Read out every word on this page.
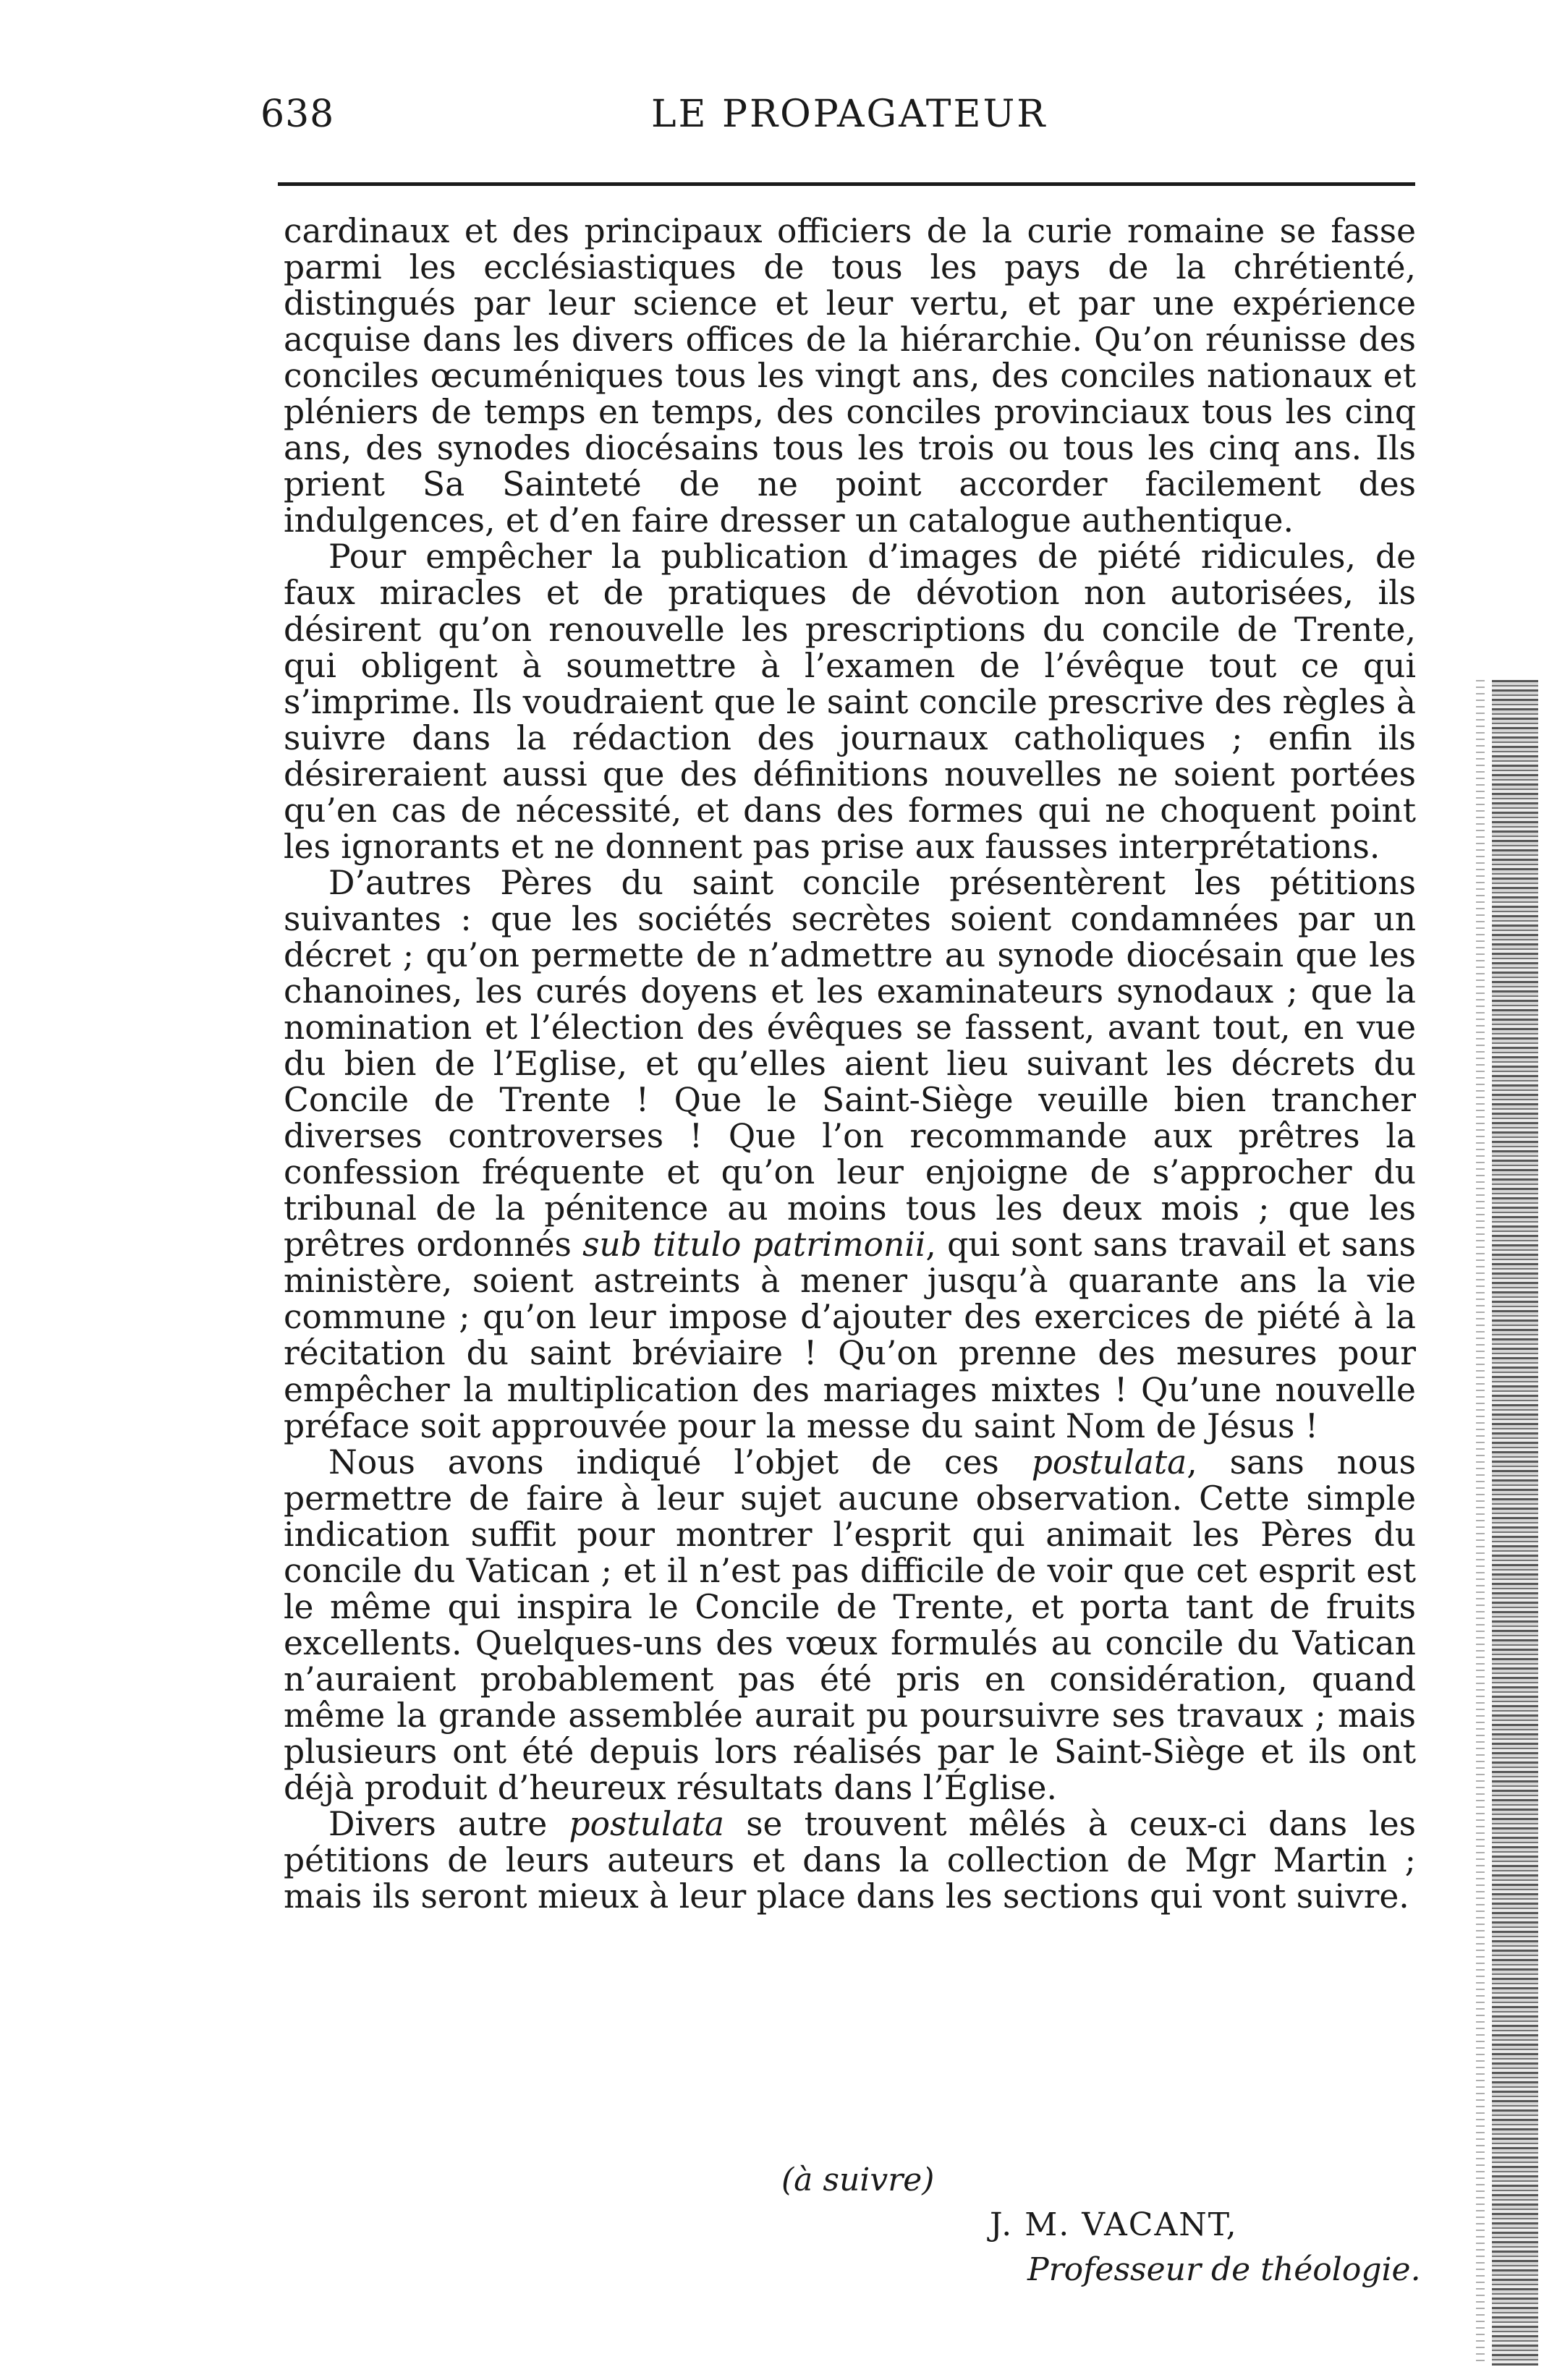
638	LE PROPAGATEUR

cardinaux et des principaux officiers de la curie romaine se fasse parmi les ecclésiastiques de tous les pays de la chrétienté, distingués par leur science et leur vertu, et par une expérience acquise dans les divers offices de la hiérarchie. Qu’on réunisse des conciles œcuméniques tous les vingt ans, des conciles nationaux et pléniers de temps en temps, des conciles provinciaux tous les cinq ans, des synodes diocésains tous les trois ou tous les cinq ans. Ils prient Sa Sainteté de ne point accorder facilement des indulgences, et d’en faire dresser un catalogue authentique.

Pour empêcher la publication d’images de piété ridicules, de faux miracles et de pratiques de dévotion non autorisées, ils désirent qu’on renouvelle les prescriptions du concile de Trente, qui obligent à soumettre à l’examen de l’évêque tout ce qui s’imprime. Ils voudraient que le saint concile prescrive des règles à suivre dans la rédaction des journaux catholiques ; enfin ils désireraient aussi que des définitions nouvelles ne soient portées qu’en cas de nécessité, et dans des formes qui ne choquent point les ignorants et ne donnent pas prise aux fausses interprétations.

D’autres Pères du saint concile présentèrent les pétitions suivantes : que les sociétés secrètes soient condamnées par un décret ; qu’on permette de n’admettre au synode diocésain que les chanoines, les curés doyens et les examinateurs synodaux ; que la nomination et l’élection des évêques se fassent, avant tout, en vue du bien de l’Eglise, et qu’elles aient lieu suivant les décrets du Concile de Trente ! Que le Saint-Siège veuille bien trancher diverses controverses ! Que l’on recommande aux prêtres la confession fréquente et qu’on leur enjoigne de s’approcher du tribunal de la pénitence au moins tous les deux mois ; que les prêtres ordonnés sub titulo patrimonii, qui sont sans travail et sans ministère, soient astreints à mener jusqu’à quarante ans la vie commune ; qu’on leur impose d’ajouter des exercices de piété à la récitation du saint bréviaire ! Qu’on prenne des mesures pour empêcher la multiplication des mariages mixtes ! Qu’une nouvelle préface soit approuvée pour la messe du saint Nom de Jésus !

Nous avons indiqué l’objet de ces postulata, sans nous permettre de faire à leur sujet aucune observation. Cette simple indication suffit pour montrer l’esprit qui animait les Pères du concile du Vatican ; et il n’est pas difficile de voir que cet esprit est le même qui inspira le Concile de Trente, et porta tant de fruits excellents. Quelques-uns des vœux formulés au concile du Vatican n’auraient probablement pas été pris en considération, quand même la grande assemblée aurait pu poursuivre ses travaux ; mais plusieurs ont été depuis lors réalisés par le Saint-Siège et ils ont déjà produit d’heureux résultats dans l’Église.

Divers autre postulata se trouvent mêlés à ceux-ci dans les pétitions de leurs auteurs et dans la collection de Mgr Martin ; mais ils seront mieux à leur place dans les sections qui vont suivre.

(à suivre)
J. M. VACANT,
Professeur de théologie.
